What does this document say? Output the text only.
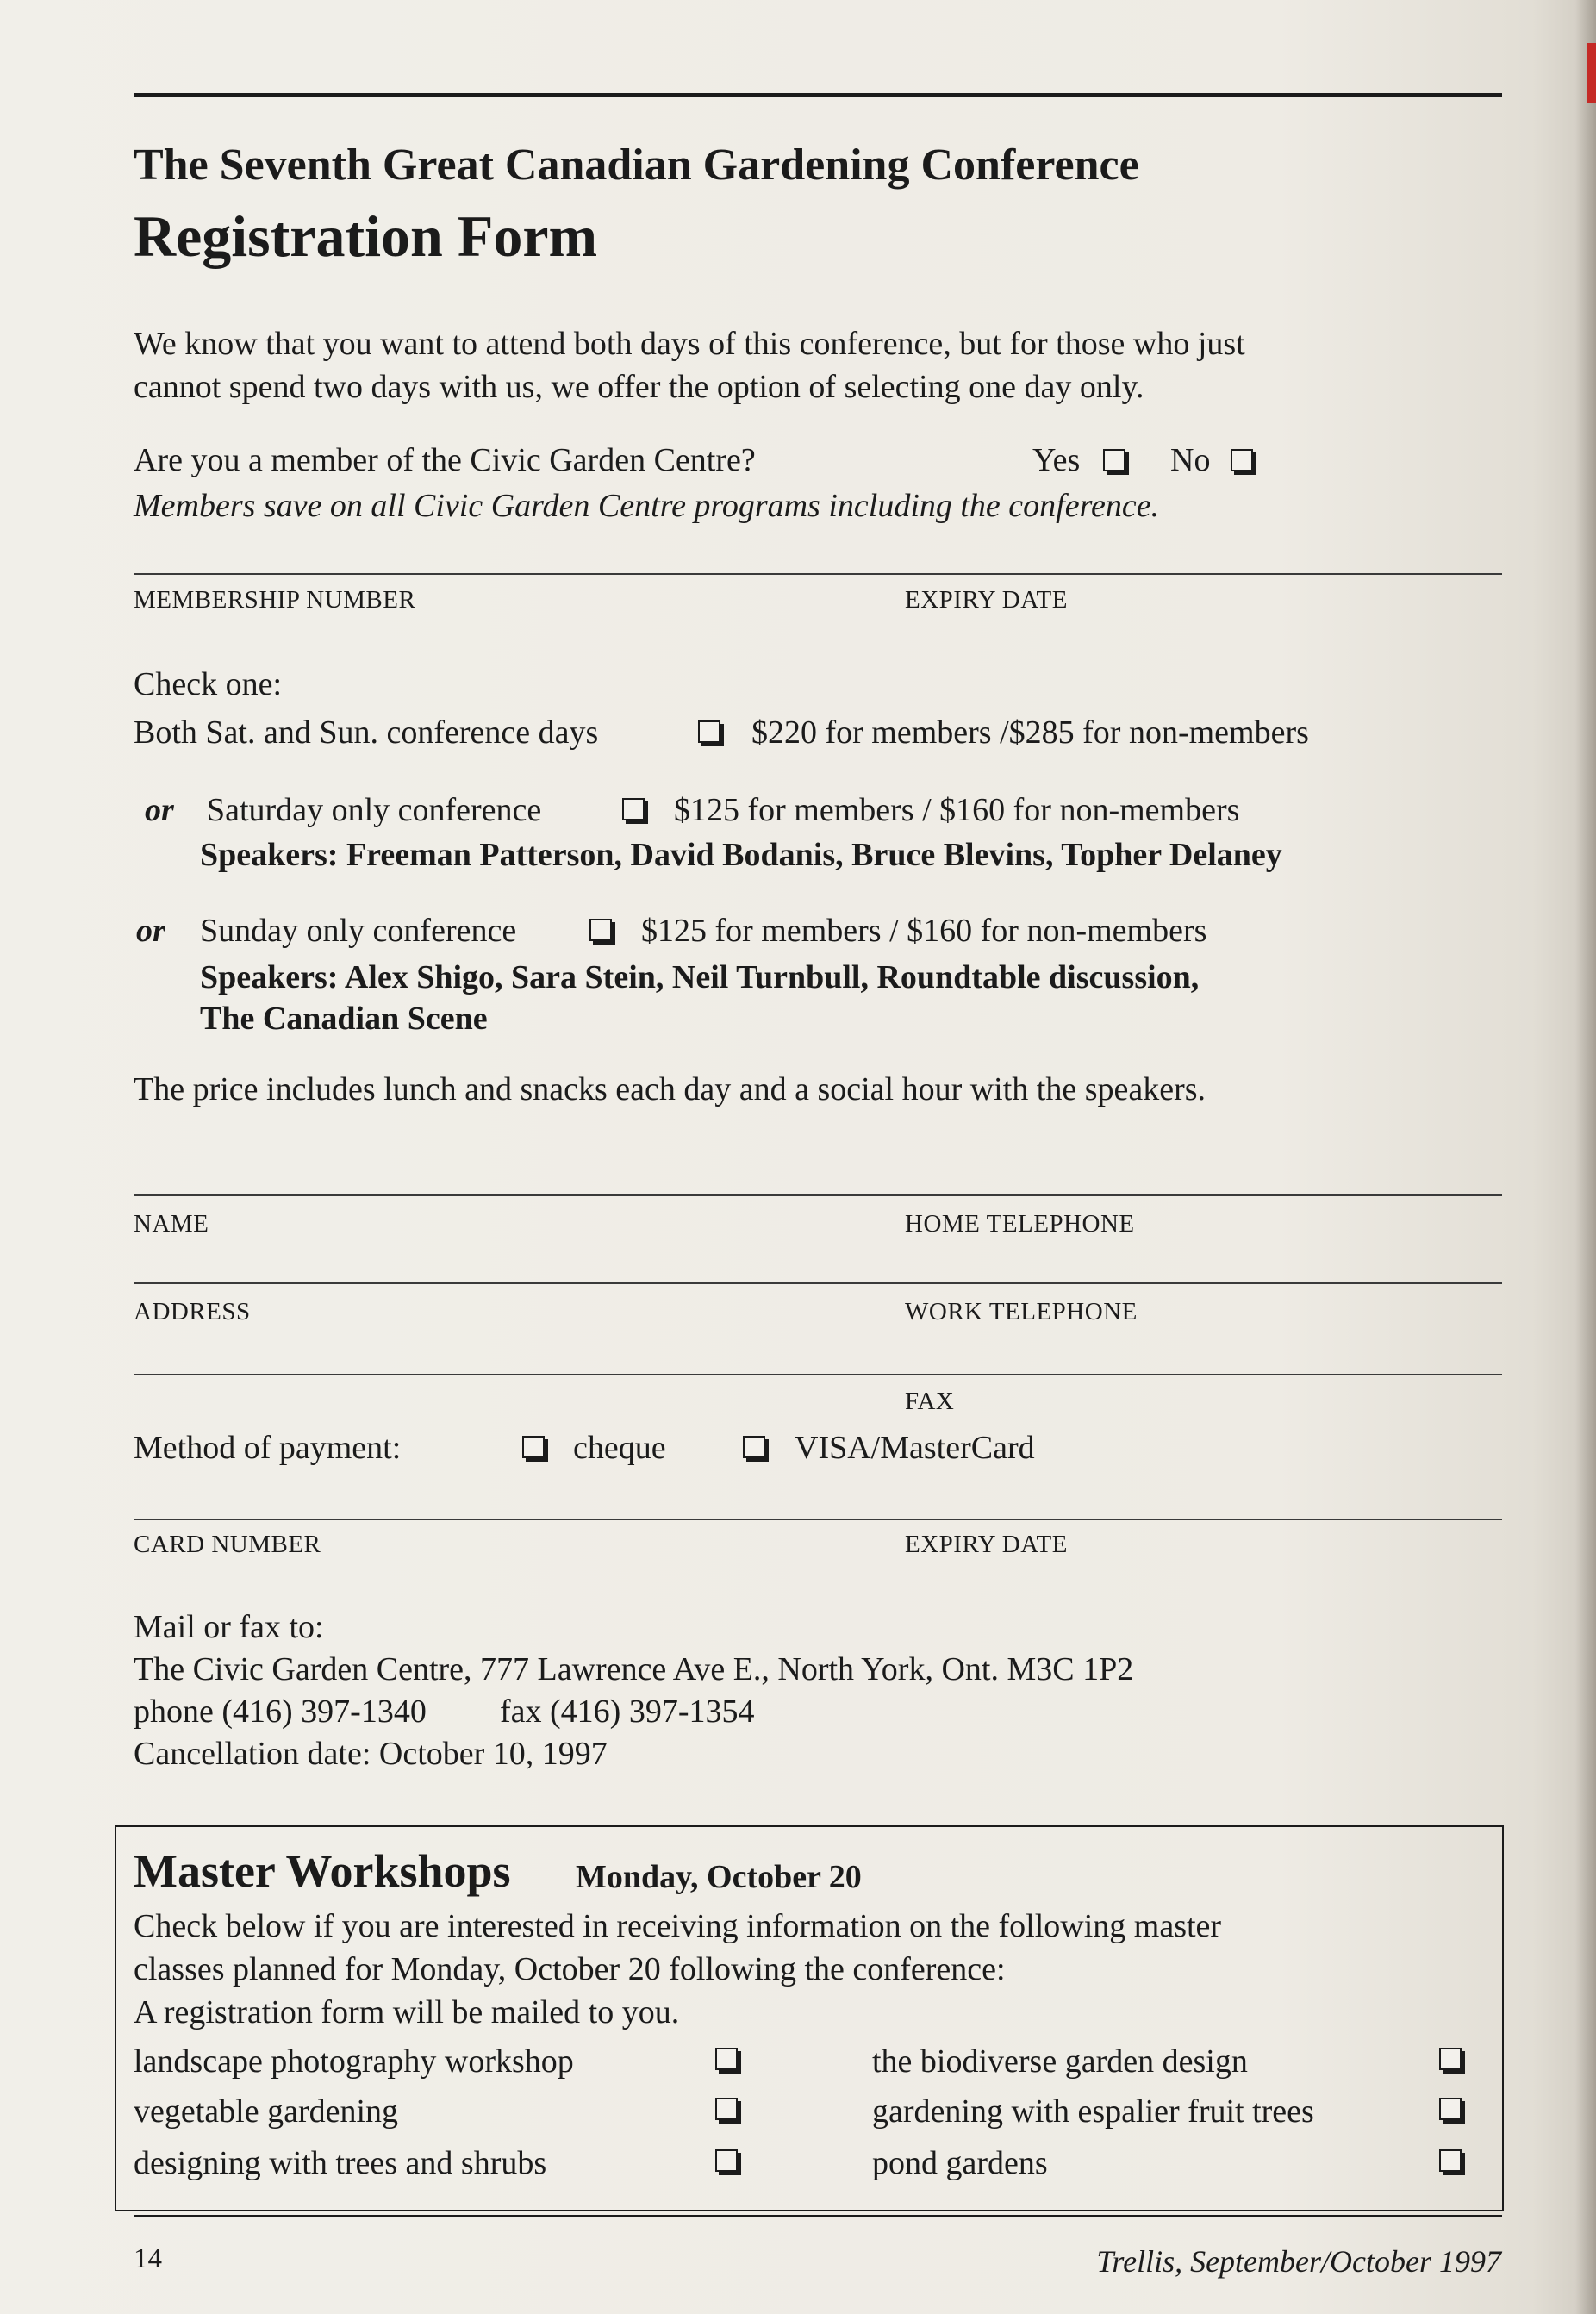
The Seventh Great Canadian Gardening Conference
Registration Form
We know that you want to attend both days of this conference, but for those who just
cannot spend two days with us, we offer the option of selecting one day only.
Are you a member of the Civic Garden Centre?	Yes	No
Members save on all Civic Garden Centre programs including the conference.
MEMBERSHIP NUMBER	EXPIRY DATE
Check one:
Both Sat. and Sun. conference days	$220 for members /$285 for non-members
or Saturday only conference	$125 for members / $160 for non-members
Speakers: Freeman Patterson, David Bodanis, Bruce Blevins, Topher Delaney
or Sunday only conference	$125 for members / $160 for non-members
Speakers: Alex Shigo, Sara Stein, Neil Turnbull, Roundtable discussion,
The Canadian Scene
The price includes lunch and snacks each day and a social hour with the speakers.
NAME	HOME TELEPHONE
ADDRESS	WORK TELEPHONE
FAX
Method of payment:	cheque	VISA/MasterCard
CARD NUMBER	EXPIRY DATE
Mail or fax to:
The Civic Garden Centre, 777 Lawrence Ave E., North York, Ont. M3C 1P2
phone (416) 397-1340 fax (416) 397-1354
Cancellation date: October 10, 1997
Master Workshops Monday, October 20
Check below if you are interested in receiving information on the following master
classes planned for Monday, October 20 following the conference:
A registration form will be mailed to you.
landscape photography workshop	the biodiverse garden design
vegetable gardening	gardening with espalier fruit trees
designing with trees and shrubs	pond gardens
14	Trellis, September/October 1997
